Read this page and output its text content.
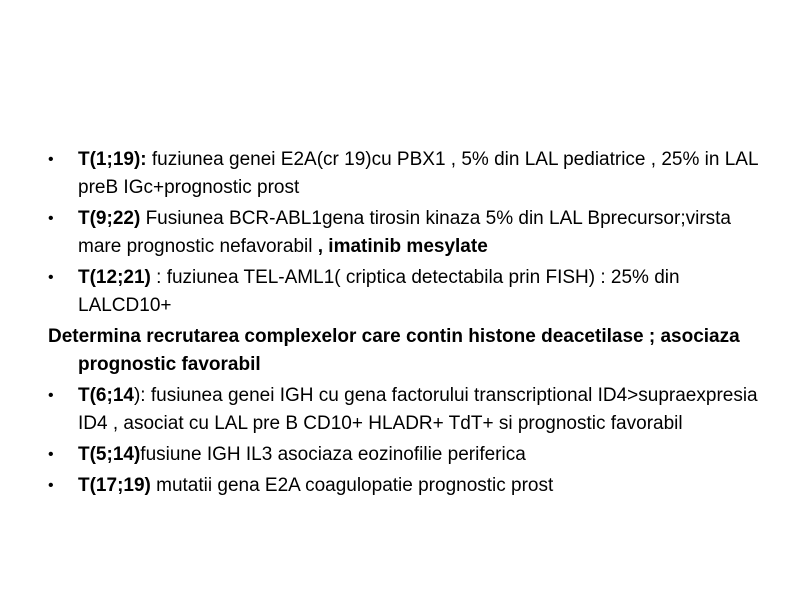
•	T(1;19): fuziunea genei E2A(cr 19)cu PBX1 , 5% din LAL pediatrice , 25% in LAL preB IGc+prognostic prost
•	T(9;22) Fusiunea BCR-ABL1gena tirosin kinaza 5% din LAL Bprecursor;virsta mare prognostic nefavorabil , imatinib mesylate
•	T(12;21) : fuziunea TEL-AML1( criptica detectabila prin FISH) : 25% din LALCD10+
Determina recrutarea complexelor care contin histone deacetilase ; asociaza prognostic favorabil
•	T(6;14): fusiunea genei IGH cu gena factorului transcriptional ID4>supraexpresia ID4 , asociat cu LAL pre B CD10+ HLADR+ TdT+ si prognostic favorabil
•	T(5;14)fusiune IGH IL3 asociaza eozinofilie periferica
•	T(17;19) mutatii gena E2A coagulopatie prognostic prost
